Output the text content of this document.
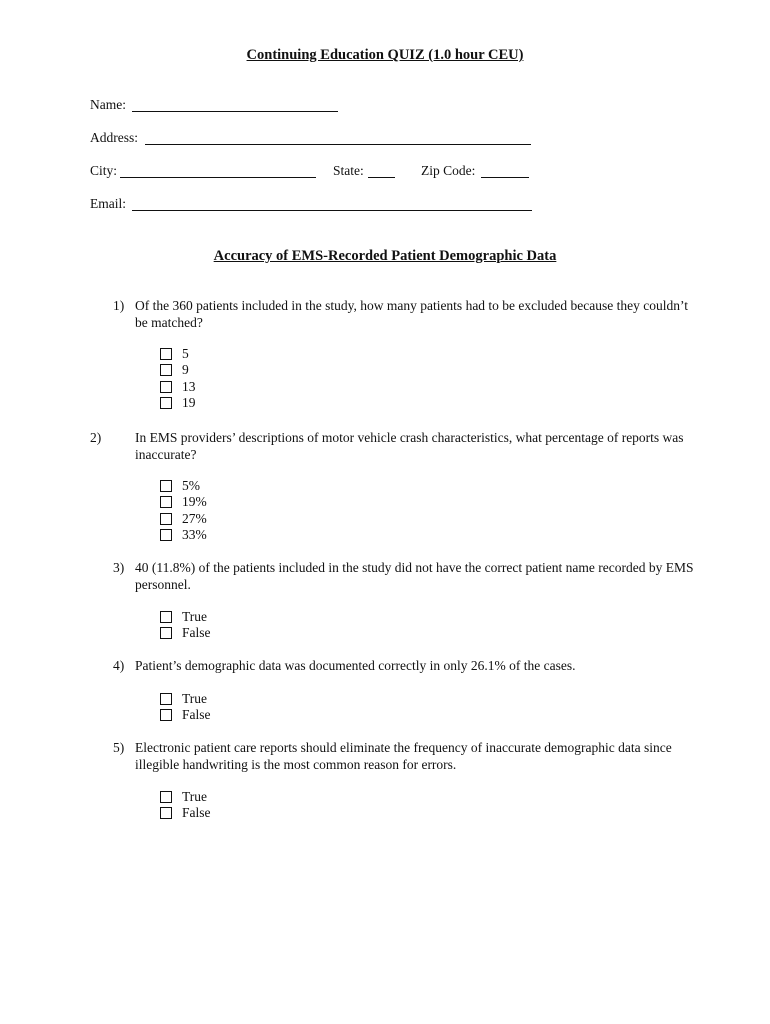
Continuing Education QUIZ (1.0 hour CEU)
Name:
Address:
City:	State:	Zip Code:
Email:
Accuracy of EMS-Recorded Patient Demographic Data
1) Of the 360 patients included in the study, how many patients had to be excluded because they couldn’t be matched?
5
9
13
19
2)	In EMS providers’ descriptions of motor vehicle crash characteristics, what percentage of reports was inaccurate?
5%
19%
27%
33%
3) 40 (11.8%) of the patients included in the study did not have the correct patient name recorded by EMS personnel.
True
False
4) Patient’s demographic data was documented correctly in only 26.1% of the cases.
True
False
5) Electronic patient care reports should eliminate the frequency of inaccurate demographic data since illegible handwriting is the most common reason for errors.
True
False
